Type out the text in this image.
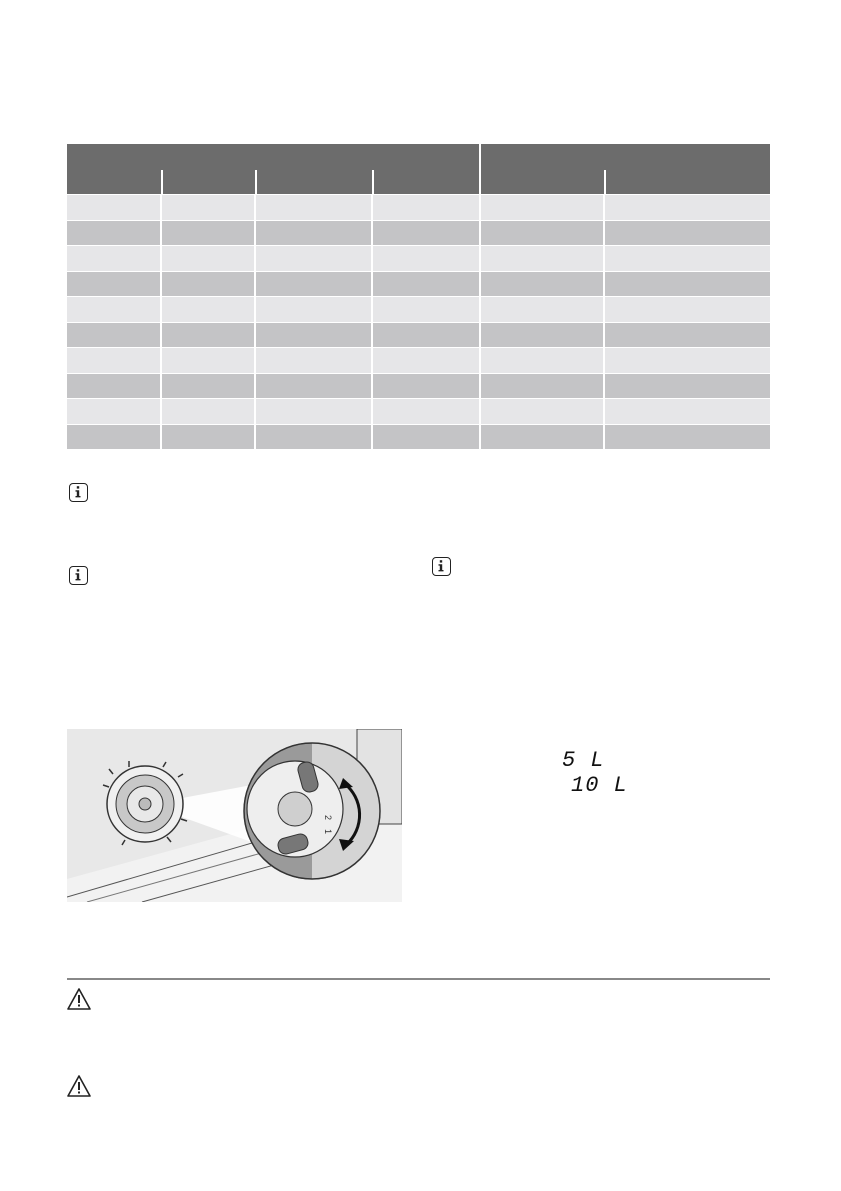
2
1
5 L
10 L
